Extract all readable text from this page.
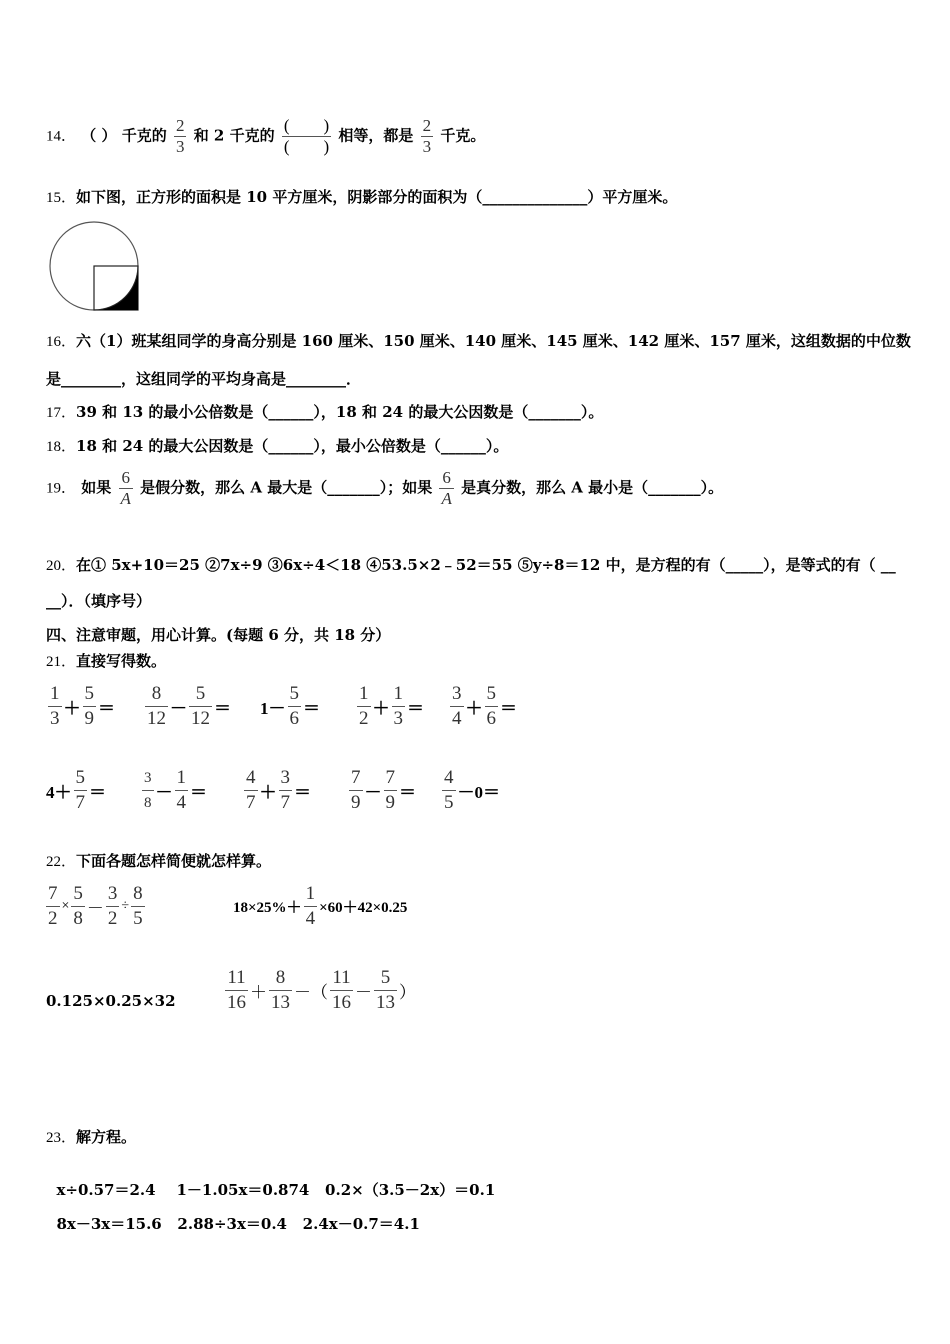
14． （ ） 千克的 $\frac{2}{3}$ 和 2 千克的 $\frac{( )}{( )}$ 相等，都是 $\frac{2}{3}$ 千克。
15．如下图，正方形的面积是 10 平方厘米，阴影部分的面积为（______________）平方厘米。
16．六（1）班某组同学的身高分别是 160 厘米、150 厘米、140 厘米、145 厘米、142 厘米、157 厘米，这组数据的中位数
是________，这组同学的平均身高是________．
17．39 和 13 的最小公倍数是（______），18 和 24 的最大公因数是（_______）。
18．18 和 24 的最大公因数是（______），最小公倍数是（______）。
19． 如果 $\frac{6}{A}$ 是假分数，那么 A 最大是（_______）；如果 $\frac{6}{A}$ 是真分数，那么 A 最小是（_______）。
20．在① 5x+10＝25 ②7x÷9 ③6x÷4＜18 ④53.5×2﹣52＝55 ⑤y÷8＝12 中，是方程的有（_____），是等式的有（ __
__）．（填序号）
四、注意审题，用心计算。(每题 6 分，共 18 分）
21．直接写得数。
$\frac{1}{3} + \frac{5}{9} = \frac{8}{12} - \frac{5}{12} = 1- \frac{5}{6} = \frac{1}{2} + \frac{1}{3} = \frac{3}{4} + \frac{5}{6}$ ＝
$4+ \frac{5}{7} = \frac{3}{8} - \frac{1}{4} = \frac{4}{7} + \frac{3}{7} = \frac{7}{9} - \frac{7}{9} = \frac{4}{5} -0=$
22．下面各题怎样简便就怎样算。
$\frac{7}{2} \times \frac{5}{8} - \frac{3}{2} \div \frac{8}{5}$	$18\times 25\%+ \frac{1}{4} \times 60+42\times 0.25$
0.125×0.25×32	$\frac{11}{16} + \frac{8}{13}$ －（ $\frac{11}{16} - \frac{5}{13}$ ）
23．解方程。

x÷0.57＝2.4    1－1.05x＝0.874   0.2×（3.5－2x）＝0.1

8x－3x＝15.6   2.88÷3x＝0.4   2.4x－0.7＝4.1
